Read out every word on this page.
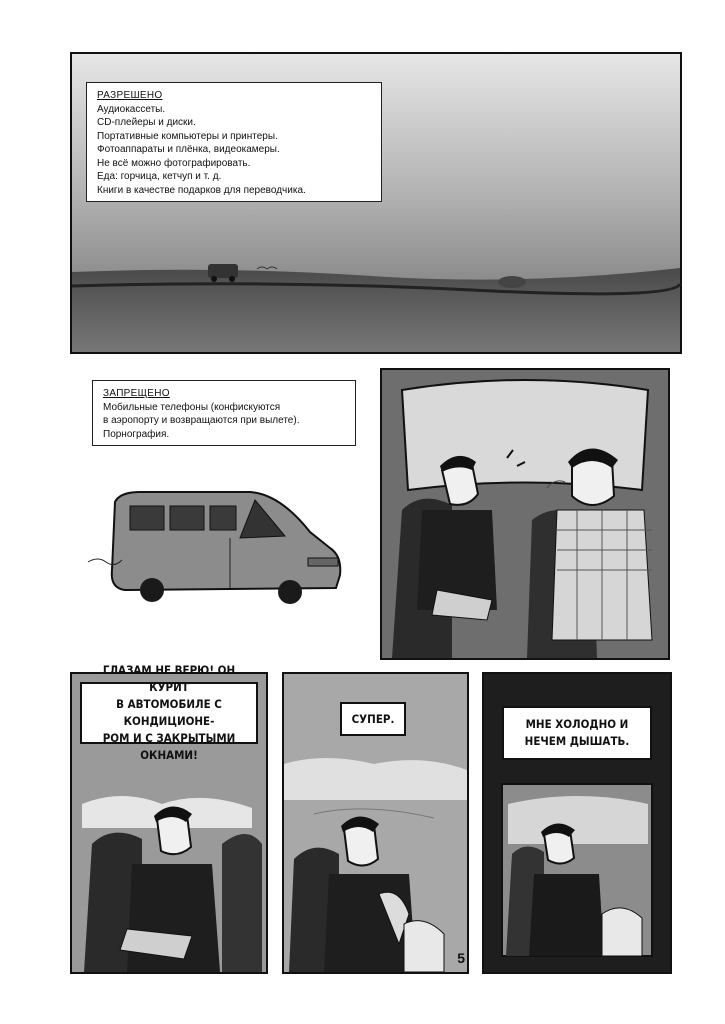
РАЗРЕШЕНО
Аудиокассеты.
CD-плейеры и диски.
Портативные компьютеры и принтеры.
Фотоаппараты и плёнка, видеокамеры.
Не всё можно фотографировать.
Еда: горчица, кетчуп и т. д.
Книги в качестве подарков для переводчика.
ЗАПРЕЩЕНО
Мобильные телефоны (конфискуются
в аэропорту и возвращаются при вылете).
Порнография.
ГЛАЗАМ НЕ ВЕРЮ! ОН КУРИТ
В АВТОМОБИЛЕ С КОНДИЦИОНЕ-
РОМ И С ЗАКРЫТЫМИ ОКНАМИ!
СУПЕР.
5
МНЕ ХОЛОДНО И
НЕЧЕМ ДЫШАТЬ.
